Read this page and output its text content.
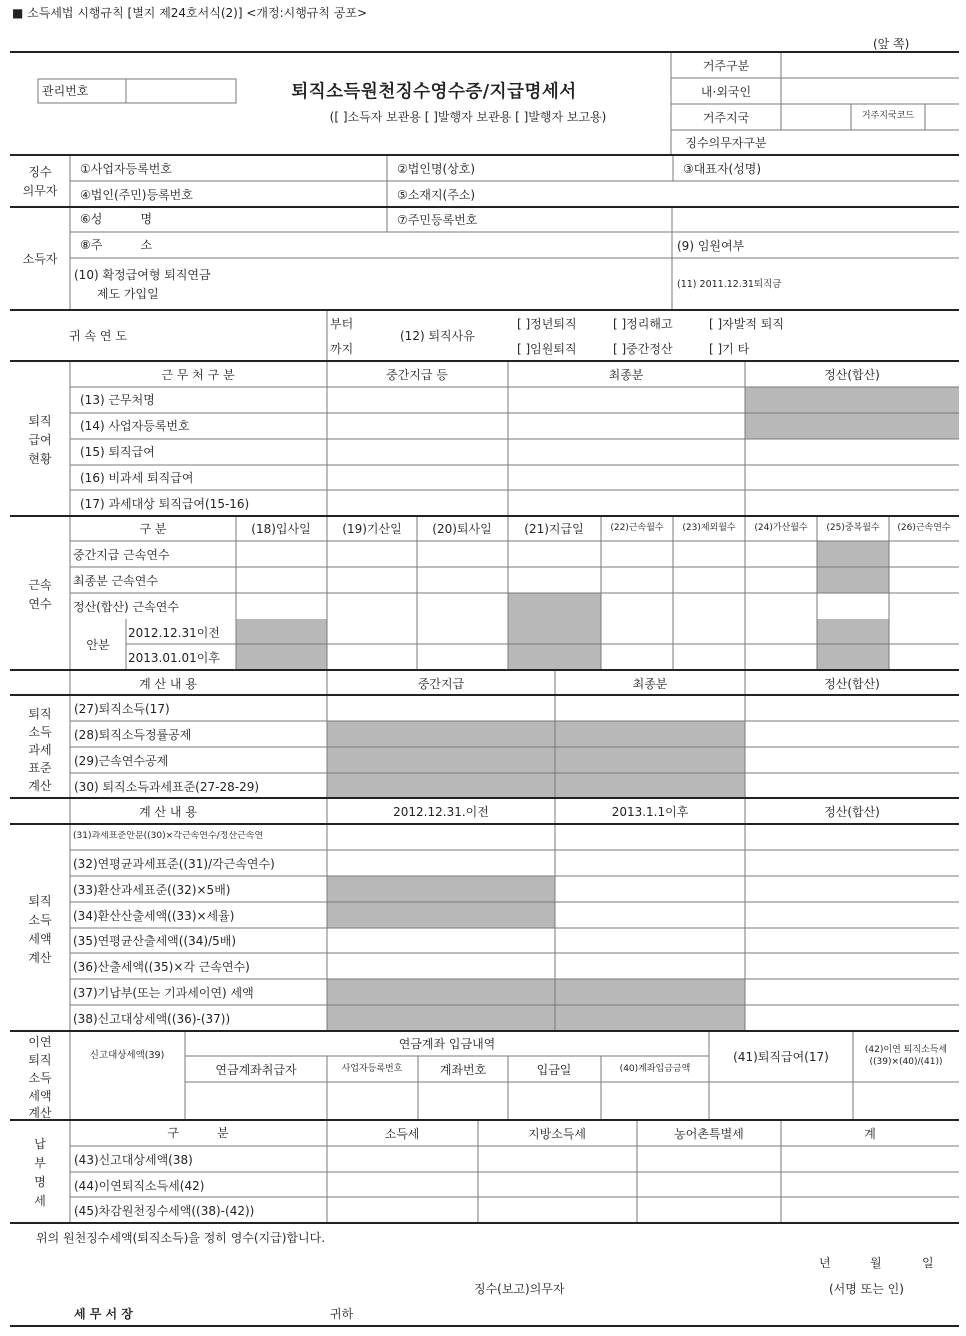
■ 소득세법 시행규칙 [별지 제24호서식(2)] <개정:시행규칙 공포>
(앞 쪽)
관리번호	퇴직소득원천징수영수증/지급명세서
([ ]소득자 보관용 [ ]발행자 보관용 [ ]발행자 보고용)
거주구분
내·외국인
거주지국	거주지국코드
징수의무자구분
징수
의무자
①사업자등록번호	②법인명(상호)	③대표자(성명)
④법인(주민)등록번호	⑤소재지(주소)
소득자
⑥성          명	⑦주민등록번호
⑧주          소	(9) 임원여부
(10) 확정급여형 퇴직연금
제도 가입일
(11) 2011.12.31퇴직금
귀 속 연 도
부터
까지
(12) 퇴직사유
[ ]정년퇴직	[ ]정리해고	[ ]자발적 퇴직
[ ]임원퇴직	[ ]중간정산	[ ]기 타
퇴직
급여
현황
근 무 처 구 분	중간지급 등	최종분	정산(합산)
(13) 근무처명
(14) 사업자등록번호
(15) 퇴직급여
(16) 비과세 퇴직급여
(17) 과세대상 퇴직급여(15-16)
근속
연수
구 분	(18)입사일	(19)기산일	(20)퇴사일	(21)지급일	(22)근속월수 (23)제외월수 (24)가산월수 (25)중복월수 (26)근속연수
중간지급 근속연수
최종분 근속연수
정산(합산) 근속연수
안분
2012.12.31이전
2013.01.01이후
계 산 내 용	중간지급	최종분	정산(합산)
퇴직
소득
과세
표준
계산
(27)퇴직소득(17)
(28)퇴직소득정률공제
(29)근속연수공제
(30) 퇴직소득과세표준(27-28-29)
계 산 내 용	2012.12.31.이전	2013.1.1이후	정산(합산)
퇴직
소득
세액
계산
(31)과세표준안분((30)×각근속연수/정산근속연
(32)연평균과세표준((31)/각근속연수)
(33)환산과세표준((32)×5배)
(34)환산산출세액((33)×세율)
(35)연평균산출세액((34)/5배)
(36)산출세액((35)×각 근속연수)
(37)기납부(또는 기과세이연) 세액
(38)신고대상세액((36)-(37))
이연
퇴직
소득
세액
계산
신고대상세액(39)
연금계좌 입금내역
연금계좌취급자	사업자등록번호	계좌번호	입금일	(40)계좌입금금액
(41)퇴직급여(17)	(42)이연 퇴직소득세
((39)×(40)/(41))
납
부
명
세
구          분	소득세	지방소득세	농어촌특별세	계
(43)신고대상세액(38)
(44)이연퇴직소득세(42)
(45)차감원천징수세액((38)-(42))
위의 원천징수세액(퇴직소득)을 정히 영수(지급)합니다.
년	월	일
징수(보고)의무자	(서명 또는 인)
세 무 서 장	귀하
